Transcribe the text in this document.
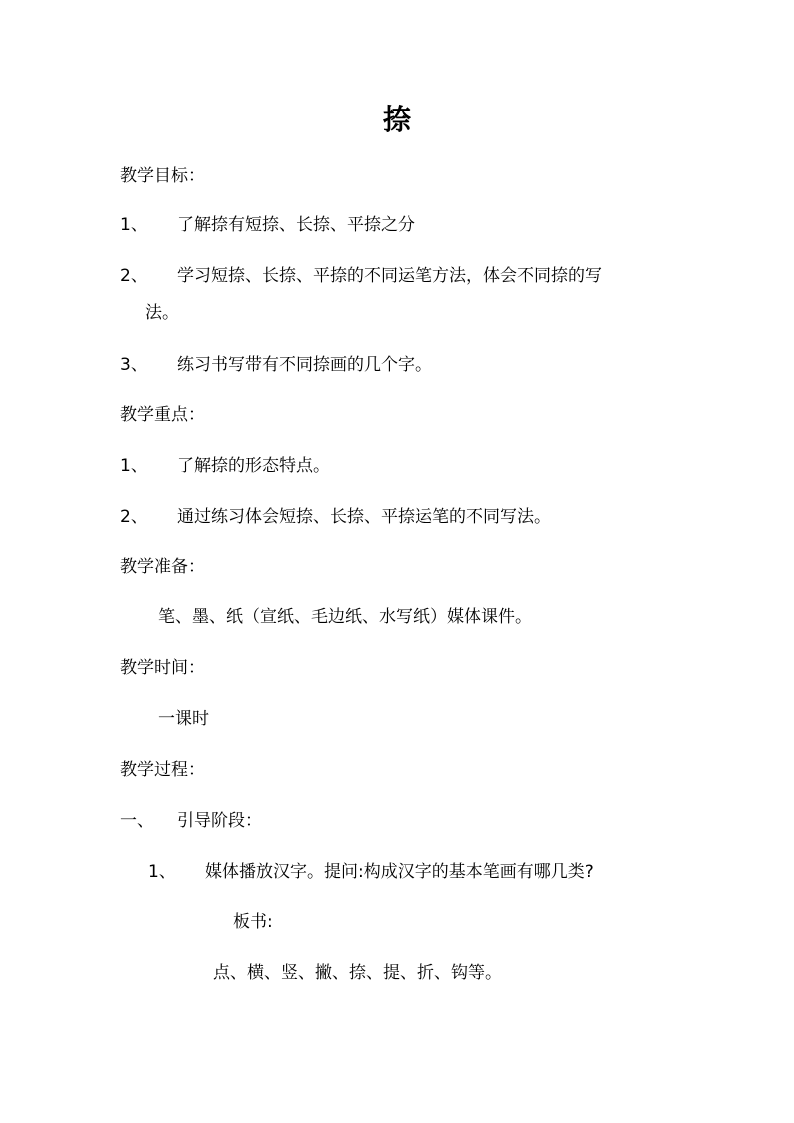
捺
教学目标：
1、 了解捺有短捺、长捺、平捺之分
2、 学习短捺、长捺、平捺的不同运笔方法，体会不同捺的写
法。
3、 练习书写带有不同捺画的几个字。
教学重点：
1、 了解捺的形态特点。
2、 通过练习体会短捺、长捺、平捺运笔的不同写法。
教学准备：
笔、墨、纸（宣纸、毛边纸、水写纸）媒体课件。
教学时间：
一课时
教学过程：
一、 引导阶段：
1、 媒体播放汉字。提问:构成汉字的基本笔画有哪几类?
板书:
点、横、竖、撇、捺、提、折、钩等。
